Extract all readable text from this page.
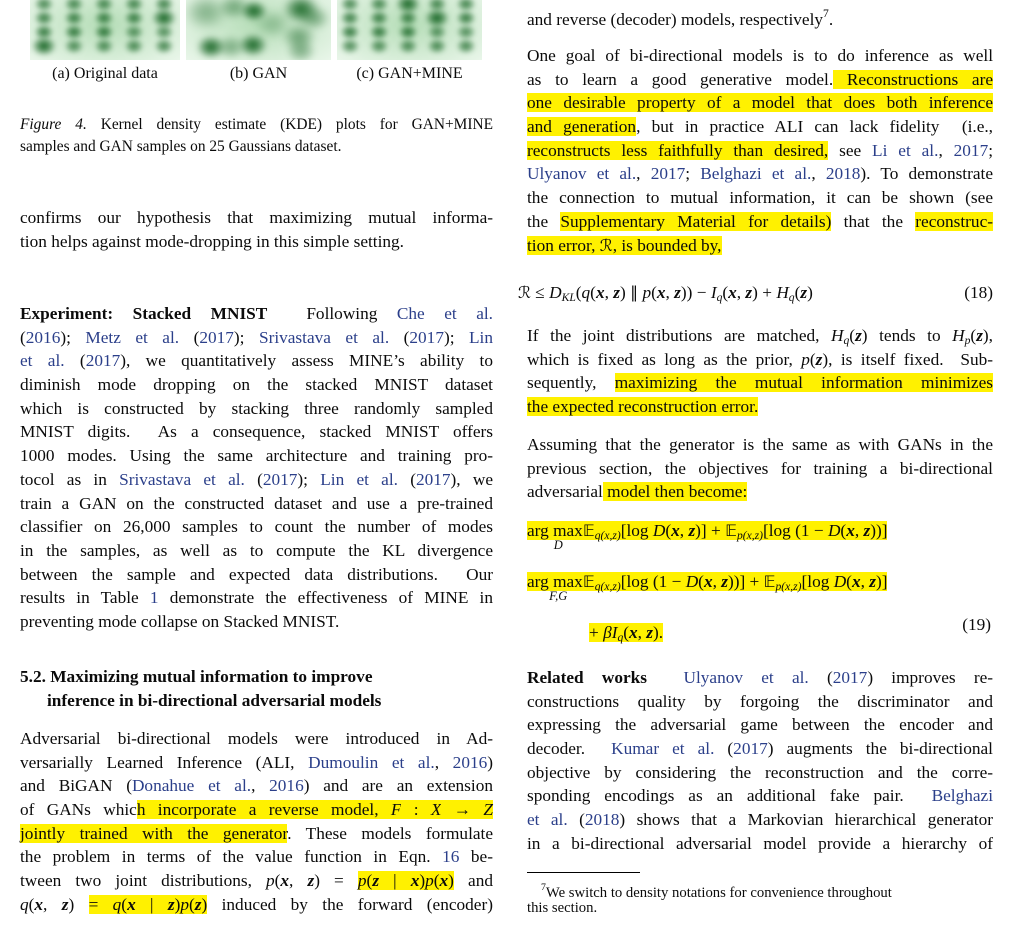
(a) Original data	(b) GAN	(c) GAN+MINE
Figure 4. Kernel density estimate (KDE) plots for GAN+MINE
samples and GAN samples on 25 Gaussians dataset.
confirms our hypothesis that maximizing mutual informa-
tion helps against mode-dropping in this simple setting.
Experiment: Stacked MNIST  Following Che et al.
(2016); Metz et al. (2017); Srivastava et al. (2017); Lin
et al. (2017), we quantitatively assess MINE’s ability to
diminish mode dropping on the stacked MNIST dataset
which is constructed by stacking three randomly sampled
MNIST digits.  As a consequence, stacked MNIST offers
1000 modes. Using the same architecture and training pro-
tocol as in Srivastava et al. (2017); Lin et al. (2017), we
train a GAN on the constructed dataset and use a pre-trained
classifier on 26,000 samples to count the number of modes
in the samples, as well as to compute the KL divergence
between the sample and expected data distributions.  Our
results in Table 1 demonstrate the effectiveness of MINE in
preventing mode collapse on Stacked MNIST.
5.2. Maximizing mutual information to improve
inference in bi-directional adversarial models
Adversarial bi-directional models were introduced in Ad-
versarially Learned Inference (ALI, Dumoulin et al., 2016)
and BiGAN (Donahue et al., 2016) and are an extension
of GANs which incorporate a reverse model, F : X → Z
jointly trained with the generator. These models formulate
the problem in terms of the value function in Eqn. 16 be-
tween two joint distributions, p(x, z) = p(z | x)p(x) and
q(x, z) = q(x | z)p(z) induced by the forward (encoder)
and reverse (decoder) models, respectively$^7$.
One goal of bi-directional models is to do inference as well
as to learn a good generative model. Reconstructions are
one desirable property of a model that does both inference
and generation, but in practice ALI can lack fidelity  (i.e.,
reconstructs less faithfully than desired, see Li et al., 2017;
Ulyanov et al., 2017; Belghazi et al., 2018). To demonstrate
the connection to mutual information, it can be shown (see
the Supplementary Material for details) that the reconstruc-
tion error, ℛ, is bounded by,
ℛ ≤ DKL(q(x, z) ∥ p(x, z)) − Iq(x, z) + Hq(z)	(18)
If the joint distributions are matched, Hq(z) tends to Hp(z),
which is fixed as long as the prior, p(z), is itself fixed.  Sub-
sequently, maximizing the mutual information minimizes
the expected reconstruction error.
Assuming that the generator is the same as with GANs in the
previous section, the objectives for training a bi-directional
adversarial model then become:
arg max
D
𝔼q(x,z)[log D(x, z)] + 𝔼p(x,z)[log (1 − D(x, z))]
arg max
F,G
𝔼q(x,z)[log (1 − D(x, z))] + 𝔼p(x,z)[log D(x, z)]
+ βIq(x, z).	(19)
Related works Ulyanov et al. (2017) improves re-
constructions quality by forgoing the discriminator and
expressing the adversarial game between the encoder and
decoder.  Kumar et al. (2017) augments the bi-directional
objective by considering the reconstruction and the corre-
sponding encodings as an additional fake pair.  Belghazi
et al. (2018) shows that a Markovian hierarchical generator
in a bi-directional adversarial model provide a hierarchy of
$^7$We switch to density notations for convenience throughout
this section.
